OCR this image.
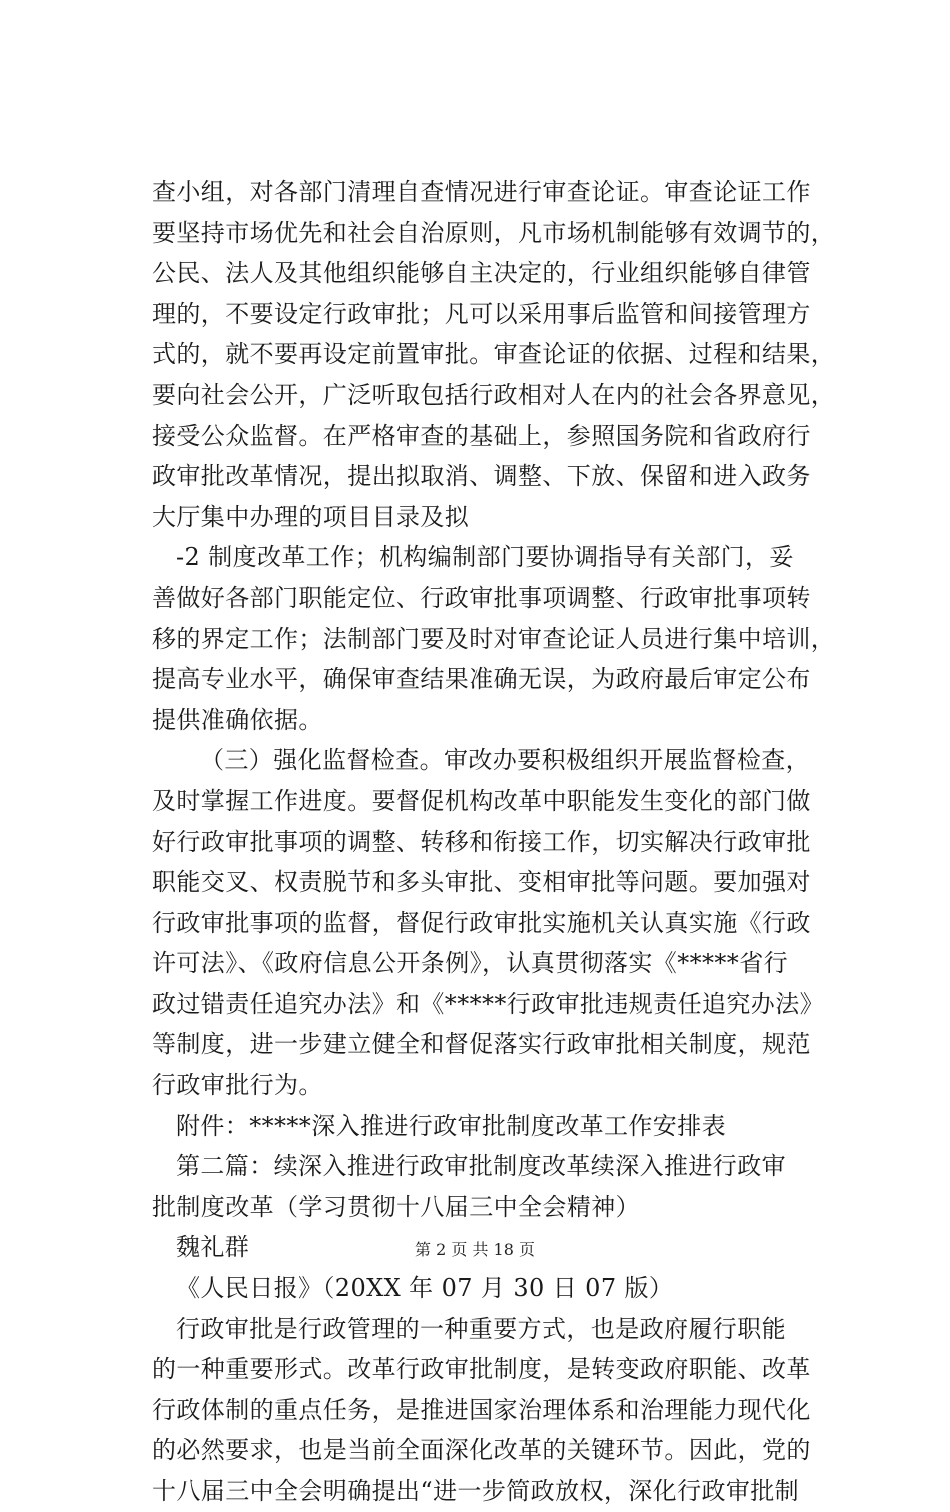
查小组，对各部门清理自查情况进行审查论证。审查论证工作
要坚持市场优先和社会自治原则，凡市场机制能够有效调节的，
公民、法人及其他组织能够自主决定的，行业组织能够自律管
理的，不要设定行政审批；凡可以采用事后监管和间接管理方
式的，就不要再设定前置审批。审查论证的依据、过程和结果，
要向社会公开，广泛听取包括行政相对人在内的社会各界意见，
接受公众监督。在严格审查的基础上，参照国务院和省政府行
政审批改革情况，提出拟取消、调整、下放、保留和进入政务
大厅集中办理的项目目录及拟
-2 制度改革工作；机构编制部门要协调指导有关部门，妥
善做好各部门职能定位、行政审批事项调整、行政审批事项转
移的界定工作；法制部门要及时对审查论证人员进行集中培训，
提高专业水平，确保审查结果准确无误，为政府最后审定公布
提供准确依据。
（三）强化监督检查。审改办要积极组织开展监督检查，
及时掌握工作进度。要督促机构改革中职能发生变化的部门做
好行政审批事项的调整、转移和衔接工作，切实解决行政审批
职能交叉、权责脱节和多头审批、变相审批等问题。要加强对
行政审批事项的监督，督促行政审批实施机关认真实施《行政
许可法》、《政府信息公开条例》，认真贯彻落实《*****省行
政过错责任追究办法》和《*****行政审批违规责任追究办法》
等制度，进一步建立健全和督促落实行政审批相关制度，规范
行政审批行为。
附件：*****深入推进行政审批制度改革工作安排表
第二篇：续深入推进行政审批制度改革续深入推进行政审
批制度改革（学习贯彻十八届三中全会精神）
魏礼群
《人民日报》（20XX 年 07 月 30 日 07 版）
行政审批是行政管理的一种重要方式，也是政府履行职能
的一种重要形式。改革行政审批制度，是转变政府职能、改革
行政体制的重点任务，是推进国家治理体系和治理能力现代化
的必然要求，也是当前全面深化改革的关键环节。因此，党的
十八届三中全会明确提出“进一步简政放权，深化行政审批制
第 2 页 共 18 页
